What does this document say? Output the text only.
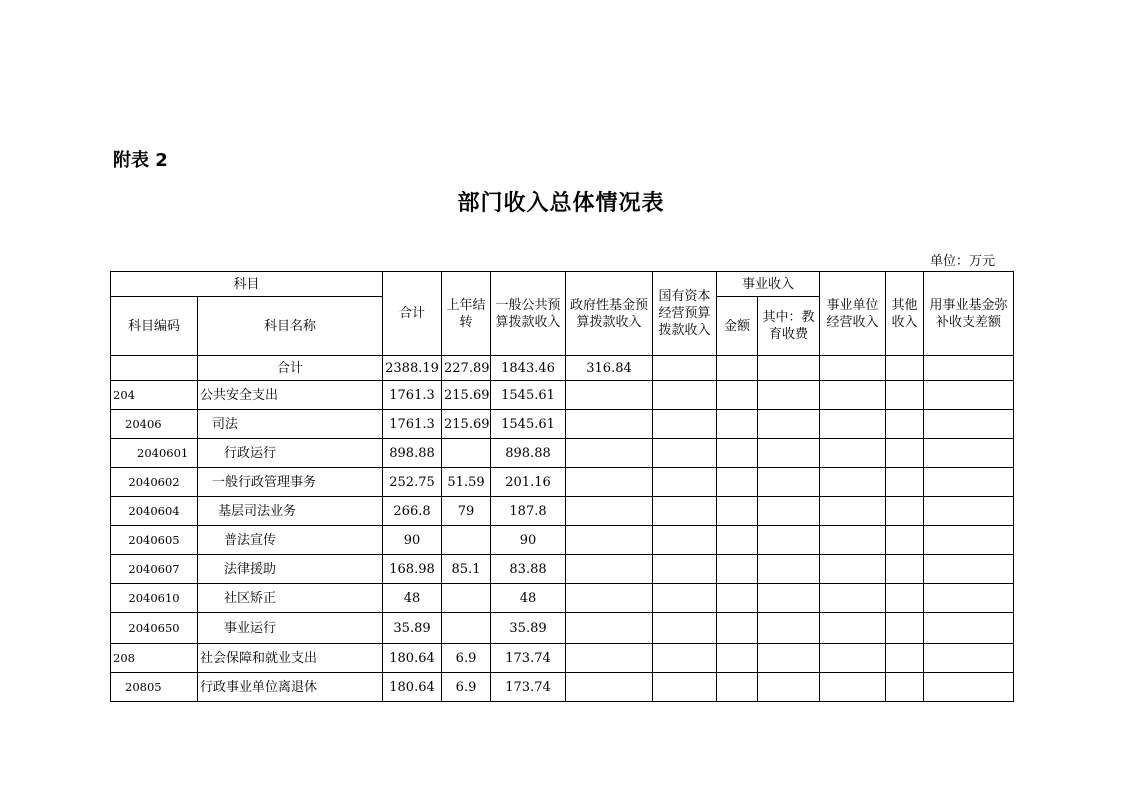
附表 2
部门收入总体情况表
单位：万元
科目		合计	上年结转	一般公共预算拨款收入	政府性基金预算拨款收入	国有资本经营预算拨款收入	事业收入		事业单位经营收入	其他收入	用事业基金弥补收支差额
科目编码	科目名称						金额	其中：教育收费			
	合计	2388.19	227.89	1843.46	316.84						
204	公共安全支出	1761.3	215.69	1545.61							
20406	司法	1761.3	215.69	1545.61							
2040601	行政运行	898.88		898.88							
2040602	一般行政管理事务	252.75	51.59	201.16							
2040604	基层司法业务	266.8	79	187.8							
2040605	普法宣传	90		90							
2040607	法律援助	168.98	85.1	83.88							
2040610	社区矫正	48		48							
2040650	事业运行	35.89		35.89							
208	社会保障和就业支出	180.64	6.9	173.74							
20805	行政事业单位离退休	180.64	6.9	173.74							
